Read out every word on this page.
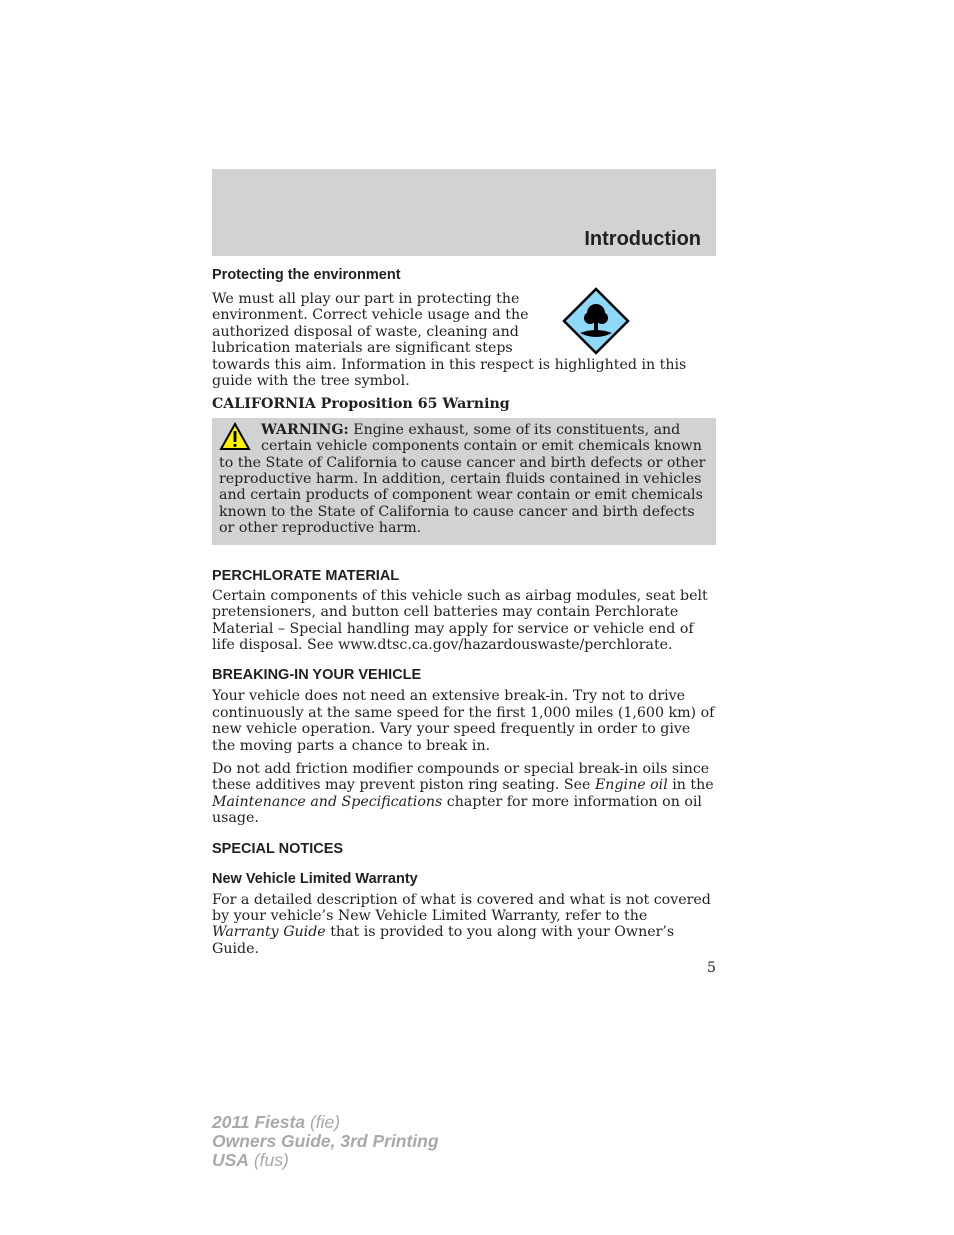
Introduction
Protecting the environment

We must all play our part in protecting the environment. Correct vehicle usage and the authorized disposal of waste, cleaning and lubrication materials are significant steps towards this aim. Information in this respect is highlighted in this guide with the tree symbol.

CALIFORNIA Proposition 65 Warning

WARNING: Engine exhaust, some of its constituents, and certain vehicle components contain or emit chemicals known to the State of California to cause cancer and birth defects or other reproductive harm. In addition, certain fluids contained in vehicles and certain products of component wear contain or emit chemicals known to the State of California to cause cancer and birth defects or other reproductive harm.

PERCHLORATE MATERIAL

Certain components of this vehicle such as airbag modules, seat belt pretensioners, and button cell batteries may contain Perchlorate Material – Special handling may apply for service or vehicle end of life disposal. See www.dtsc.ca.gov/hazardouswaste/perchlorate.

BREAKING-IN YOUR VEHICLE

Your vehicle does not need an extensive break-in. Try not to drive continuously at the same speed for the first 1,000 miles (1,600 km) of new vehicle operation. Vary your speed frequently in order to give the moving parts a chance to break in.

Do not add friction modifier compounds or special break-in oils since these additives may prevent piston ring seating. See Engine oil in the Maintenance and Specifications chapter for more information on oil usage.

SPECIAL NOTICES
New Vehicle Limited Warranty

For a detailed description of what is covered and what is not covered by your vehicle’s New Vehicle Limited Warranty, refer to the Warranty Guide that is provided to you along with your Owner’s Guide.

5
2011 Fiesta (fie)
Owners Guide, 3rd Printing
USA (fus)
